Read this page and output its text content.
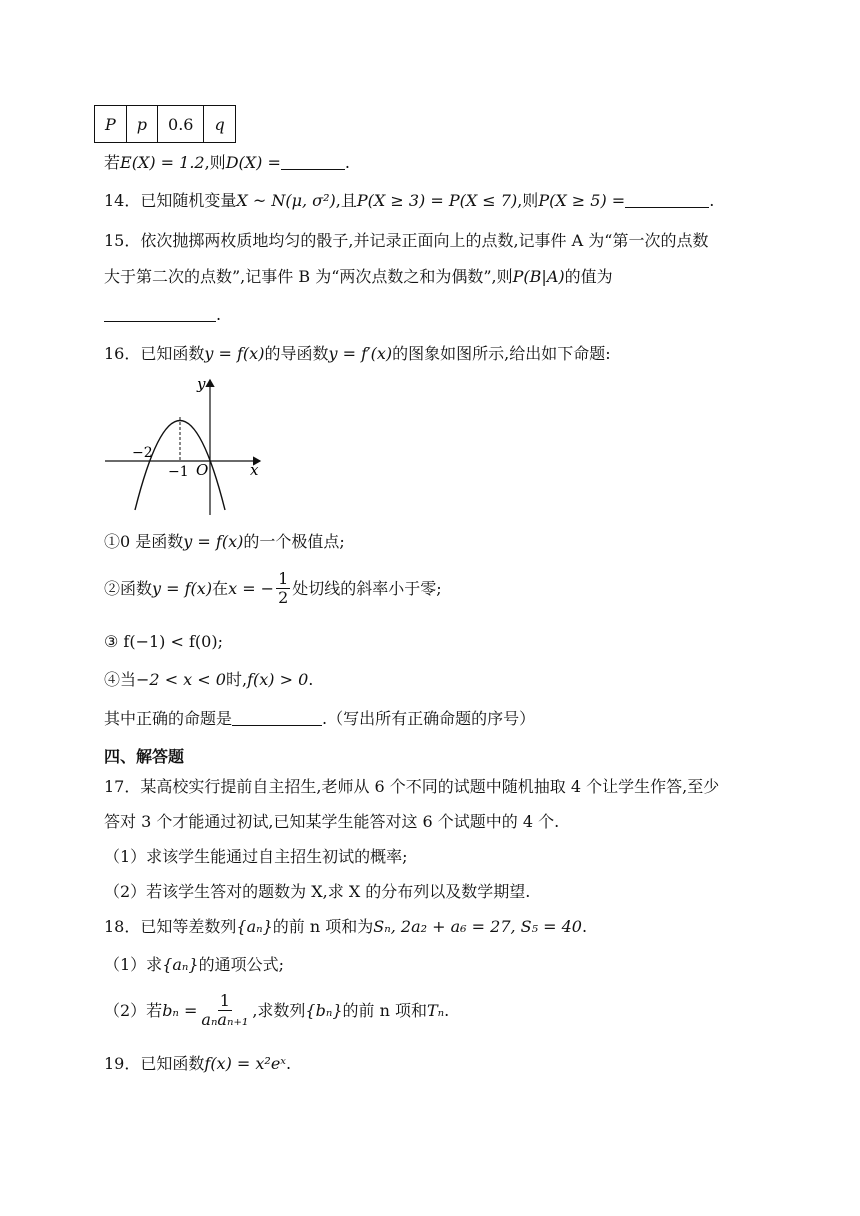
P	p	0.6	q
若E(X) = 1.2,则D(X) =	.
14．已知随机变量X ~ N(μ, σ²),且P(X ≥ 3) = P(X ≤ 7),则P(X ≥ 5) =	.
15．依次抛掷两枚质地均匀的骰子,并记录正面向上的点数,记事件 A 为“第一次的点数
大于第二次的点数”,记事件 B 为“两次点数之和为偶数”,则P(B|A)的值为
.
16．已知函数y = f(x)的导函数y = f′(x)的图象如图所示,给出如下命题:
y
x
O
−2
−1
①0 是函数y = f(x)的一个极值点;
②函数 y = f(x) 在 x = − $\frac{1}{2}$ 处切线的斜率小于零;
③ f(−1) < f(0);
④当−2 < x < 0时,f(x) > 0.
其中正确的命题是	.（写出所有正确命题的序号）
四、解答题
17．某高校实行提前自主招生,老师从 6 个不同的试题中随机抽取 4 个让学生作答,至少
答对 3 个才能通过初试,已知某学生能答对这 6 个试题中的 4 个.
（1）求该学生能通过自主招生初试的概率;
（2）若该学生答对的题数为 X,求 X 的分布列以及数学期望.
18．已知等差数列{aₙ}的前 n 项和为Sₙ, 2a₂ + a₆ = 27, S₅ = 40.
（1）求{aₙ}的通项公式;
（2）若 $b_n = \frac{1}{\text{aₙaₙ₊₁}}$ ,求数列 {bₙ} 的前 n 项和 Tₙ .
19．已知函数f(x) = x²eˣ.
